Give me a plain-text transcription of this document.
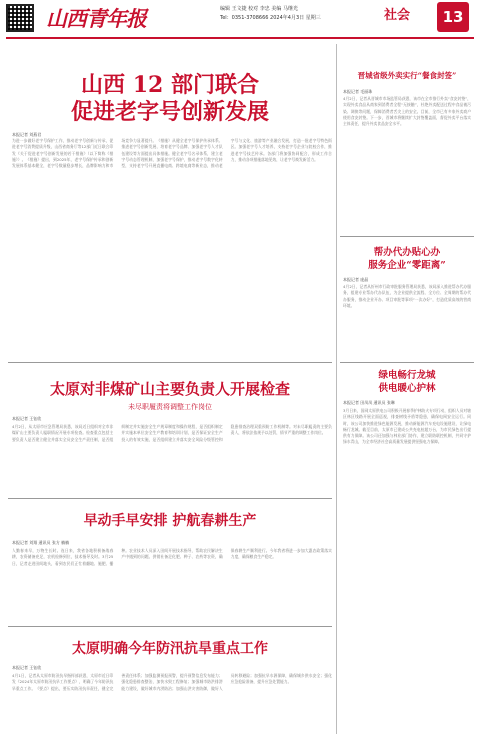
山西青年报	编辑 王文捷 校对 李忠 美编 马继光
Tel：0351-3708666 2024年4月3日 星期三	社会	13
山西 12 部门联合
促进老字号创新发展
本报记者 刘燕君
为进一步做好老字号保护工作，推动老字号创新与传承，促进老字号消费提质升级，山西省商务厅等12部门近日联合印发《关于促进老字号创新发展的若干措施》（以下简称《措施》）。《措施》提出，到2025年，老字号保护传承和创新发展体系基本健全，老字号数量稳步增长，品牌影响力和市场竞争力显著提升。《措施》从健全老字号保护传承体系、推进老字号创新发展、培育老字号品牌、加强老字号人才队伍建设等方面提出具体措施。健全老字号名录体系，建立老字号动态管理机制，加强老字号保护，推动老字号数字化转型，支持老字号开展直播电商、跨境电商等新业态，推动老字号与文化、旅游等产业融合发展，打造一批老字号特色街区。加强老字号人才培养，支持老字号企业与院校合作，推进老字号技艺传承。各部门将加强协同配合，形成工作合力，推动各项措施落地见效，让老字号焕发新活力。
太原对非煤矿山主要负责人开展检查
未尽职履责将调整工作岗位
本报记者 王钰欣
4月2日，从太原市应急管理局获悉，该局近日组织对全市非煤矿山主要负责人履职情况开展专项检查。检查重点包括主要负责人是否建立健全并落实全员安全生产责任制，是否组织制定并实施安全生产规章制度和操作规程，是否组织制定并实施本单位安全生产教育和培训计划，是否保证安全生产投入的有效实施，是否组织建立并落实安全风险分级管控和隐患排查治理双重预防工作机制等。对未尽职履责的主要负责人，将依法依规予以处罚，情节严重的调整工作岗位。
早动手早安排 护航春耕生产
本报记者 刘翔 通讯员 张方 楠楠
人勤春来早，万物生长时。连日来，我省各地积极备战春耕，农资储备充足，农机检修到位，技术指导及时。3月25日，记者走进田间地头，看到农民们正忙着翻地、施肥、播种。农业技术人员深入田间开展技术指导，帮助农民解决生产中遇到的问题。供销社备足化肥、种子、农药等农资，确保春耕生产顺利进行。今年我省将进一步加大惠农政策落实力度，确保粮食生产稳定。
太原明确今年防汛抗旱重点工作
本报记者 王钰欣
4月1日，记者从太原市防汛抗旱指挥部获悉，太原市近日印发《2024年太原市防汛抗旱工作要点》，明确了今年防汛抗旱重点工作。《要点》提出，要压实防汛抗旱责任，健全完善责任体系；加强监测预报预警，提升预警信息发布能力；强化隐患排查整治，加快水毁工程修复；加强城市防洪排涝能力建设，做好城市内涝防治；加强山洪灾害防御，做好人员转移避险；加强抗旱水源保障，确保城乡供水安全；强化应急抢险准备，提升应急处置能力。
晋城省级外卖实行“餐食封签”
本报记者 毛丽珠
4月2日，记者从晋城市市场监管局获悉，该市在全市推行外卖“食安封签”，实现外卖食品从商家到消费者全程“无接触”，杜绝外卖配送过程中食品被污染、调换等问题，保障消费者舌尖上的安全。目前，全市已有多家外卖商户使用食安封签。下一步，晋城市将继续扩大封签覆盖面，督促外卖平台落实主体责任，提升外卖食品安全水平。
帮办代办贴心办
服务企业“零距离”
本报记者 庞晶
4月2日，记者从忻州市行政审批服务管理局获悉，该局深入推进帮办代办服务，组建专业帮办代办队伍，为企业提供全流程、全方位、全周期的帮办代办服务，推动企业开办、项目审批等事项“一次办好”，打造优质高效的营商环境。
绿电畅行龙城
供电暖心护林
本报记者 田凤凤 通讯员 张琳
3月日来，国网太原供电公司积极开展春季护林防火专项行动，组织人员对辖区林区线路开展全面巡视，排查树线矛盾等隐患，确保电网安全运行。同时，该公司加快推进绿色能源发展，推动新能源汽车充电设施建设，让绿电畅行龙城。截至目前，太原市已建成公共充电桩超万台，为市民绿色出行提供有力保障。该公司还加强与林业部门协作，建立联防联控机制，共同守护绿水青山，为全市经济社会高质量发展提供坚强电力保障。
